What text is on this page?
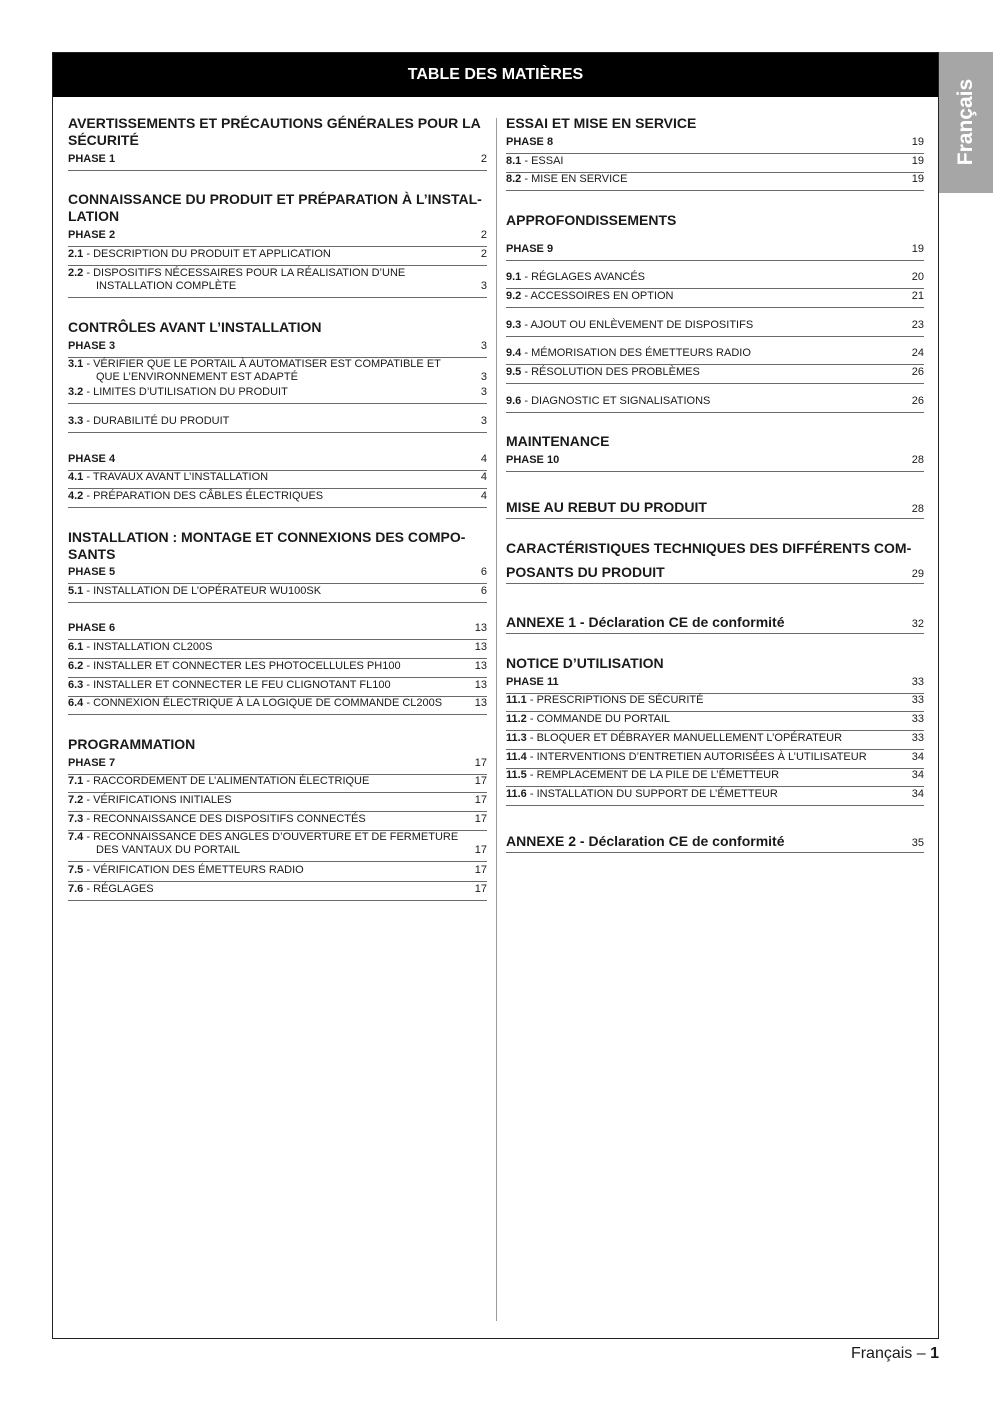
TABLE DES MATIÈRES
Français
AVERTISSEMENTS ET PRÉCAUTIONS GÉNÉRALES POUR LA SÉCURITÉ
PHASE 1	2
CONNAISSANCE DU PRODUIT ET PRÉPARATION À L’INSTAL-LATION
PHASE 2	2
2.1 - DESCRIPTION DU PRODUIT ET APPLICATION	2
2.2 - DISPOSITIFS NÉCESSAIRES POUR LA RÉALISATION D’UNE INSTALLATION COMPLÈTE	3
CONTRÔLES AVANT L’INSTALLATION
PHASE 3	3
3.1 - VÉRIFIER QUE LE PORTAIL À AUTOMATISER EST COMPATIBLE ET QUE L’ENVIRONNEMENT EST ADAPTÉ	3
3.2 - LIMITES D’UTILISATION DU PRODUIT	3
3.3 - DURABILITÉ DU PRODUIT	3
PHASE 4	4
4.1 - TRAVAUX AVANT L’INSTALLATION	4
4.2 - PRÉPARATION DES CÂBLES ÉLECTRIQUES	4
INSTALLATION : MONTAGE ET CONNEXIONS DES COMPO-SANTS
PHASE 5	6
5.1 - INSTALLATION DE L’OPÉRATEUR WU100SK	6
PHASE 6	13
6.1 - INSTALLATION CL200S	13
6.2 - INSTALLER ET CONNECTER LES PHOTOCELLULES PH100	13
6.3 - INSTALLER ET CONNECTER LE FEU CLIGNOTANT FL100	13
6.4 - CONNEXION ÉLECTRIQUE À LA LOGIQUE DE COMMANDE CL200S	13
PROGRAMMATION
PHASE 7	17
7.1 - RACCORDEMENT DE L’ALIMENTATION ÉLECTRIQUE	17
7.2 - VÉRIFICATIONS INITIALES	17
7.3 - RECONNAISSANCE DES DISPOSITIFS CONNECTÉS	17
7.4 - RECONNAISSANCE DES ANGLES D’OUVERTURE ET DE FERMETURE DES VANTAUX DU PORTAIL	17
7.5 - VÉRIFICATION DES ÉMETTEURS RADIO	17
7.6 - RÉGLAGES	17
ESSAI ET MISE EN SERVICE
PHASE 8	19
8.1 - ESSAI	19
8.2 - MISE EN SERVICE	19
APPROFONDISSEMENTS
PHASE 9	19
9.1 - RÉGLAGES AVANCÉS	20
9.2 - ACCESSOIRES EN OPTION	21
9.3 - AJOUT OU ENLÈVEMENT DE DISPOSITIFS	23
9.4 - MÉMORISATION DES ÉMETTEURS RADIO	24
9.5 - RÉSOLUTION DES PROBLÈMES	26
9.6 - DIAGNOSTIC ET SIGNALISATIONS	26
MAINTENANCE
PHASE 10	28
MISE AU REBUT DU PRODUIT	28
CARACTÉRISTIQUES TECHNIQUES DES DIFFÉRENTS COM-
POSANTS DU PRODUIT	29
ANNEXE 1 - Déclaration CE de conformité	32
NOTICE D’UTILISATION
PHASE 11	33
11.1 - PRESCRIPTIONS DE SÉCURITÉ	33
11.2 - COMMANDE DU PORTAIL	33
11.3 - BLOQUER ET DÉBRAYER MANUELLEMENT L’OPÉRATEUR	33
11.4 - INTERVENTIONS D’ENTRETIEN AUTORISÉES À L’UTILISATEUR	34
11.5 - REMPLACEMENT DE LA PILE DE L’ÉMETTEUR	34
11.6 - INSTALLATION DU SUPPORT DE L’ÉMETTEUR	34
ANNEXE 2 - Déclaration CE de conformité	35
Français – 1
